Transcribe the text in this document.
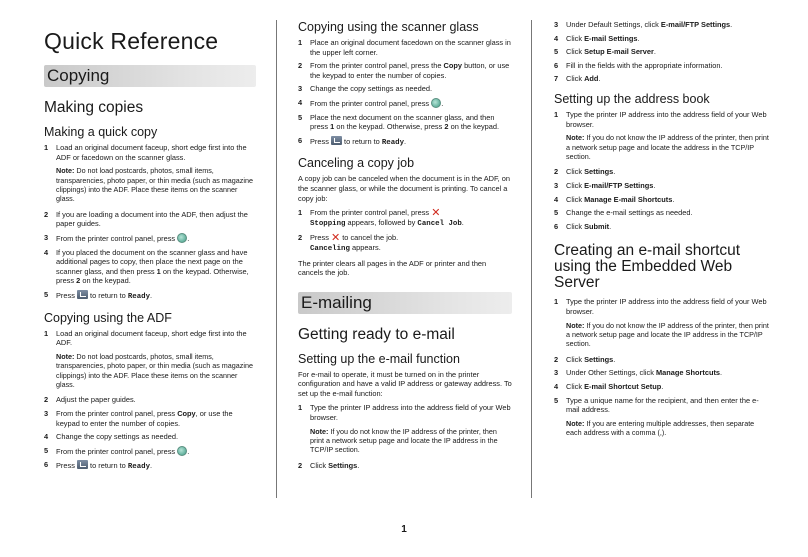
Quick Reference
Copying
Making copies
Making a quick copy
1 Load an original document faceup, short edge first into the ADF or facedown on the scanner glass.
Note: Do not load postcards, photos, small items, transparencies, photo paper, or thin media (such as magazine clippings) into the ADF. Place these items on the scanner glass.
2 If you are loading a document into the ADF, then adjust the paper guides.
3 From the printer control panel, press .
4 If you placed the document on the scanner glass and have additional pages to copy, then place the next page on the scanner glass, and then press 1 on the keypad. Otherwise, press 2 on the keypad.
5 Press to return to Ready.
Copying using the ADF
1 Load an original document faceup, short edge first into the ADF.
Note: Do not load postcards, photos, small items, transparencies, photo paper, or thin media (such as magazine clippings) into the ADF. Place these items on the scanner glass.
2 Adjust the paper guides.
3 From the printer control panel, press Copy, or use the keypad to enter the number of copies.
4 Change the copy settings as needed.
5 From the printer control panel, press .
6 Press to return to Ready.
Copying using the scanner glass
1 Place an original document facedown on the scanner glass in the upper left corner.
2 From the printer control panel, press the Copy button, or use the keypad to enter the number of copies.
3 Change the copy settings as needed.
4 From the printer control panel, press .
5 Place the next document on the scanner glass, and then press 1 on the keypad. Otherwise, press 2 on the keypad.
6 Press to return to Ready.
Canceling a copy job

A copy job can be canceled when the document is in the ADF, on the scanner glass, or while the document is printing. To cancel a copy job:

1 From the printer control panel, press ✕
Stopping appears, followed by Cancel Job.
2 Press ✕ to cancel the job.
Canceling appears.

The printer clears all pages in the ADF or printer and then cancels the job.

E-mailing
Getting ready to e-mail
Setting up the e-mail function

For e-mail to operate, it must be turned on in the printer configuration and have a valid IP address or gateway address. To set up the e-mail function:

1 Type the printer IP address into the address field of your Web browser.
Note: If you do not know the IP address of the printer, then print a network setup page and locate the IP address in the TCP/IP section.
2 Click Settings.
3 Under Default Settings, click E-mail/FTP Settings.
4 Click E-mail Settings.
5 Click Setup E-mail Server.
6 Fill in the fields with the appropriate information.
7 Click Add.
Setting up the address book
1 Type the printer IP address into the address field of your Web browser.
Note: If you do not know the IP address of the printer, then print a network setup page and locate the address in the TCP/IP section.
2 Click Settings.
3 Click E-mail/FTP Settings.
4 Click Manage E-mail Shortcuts.
5 Change the e-mail settings as needed.
6 Click Submit.
Creating an e-mail shortcut using the Embedded Web Server
1 Type the printer IP address into the address field of your Web browser.
Note: If you do not know the IP address of the printer, then print a network setup page and locate the IP address in the TCP/IP section.
2 Click Settings.
3 Under Other Settings, click Manage Shortcuts.
4 Click E-mail Shortcut Setup.
5 Type a unique name for the recipient, and then enter the e-mail address.
Note: If you are entering multiple addresses, then separate each address with a comma (,).
1
